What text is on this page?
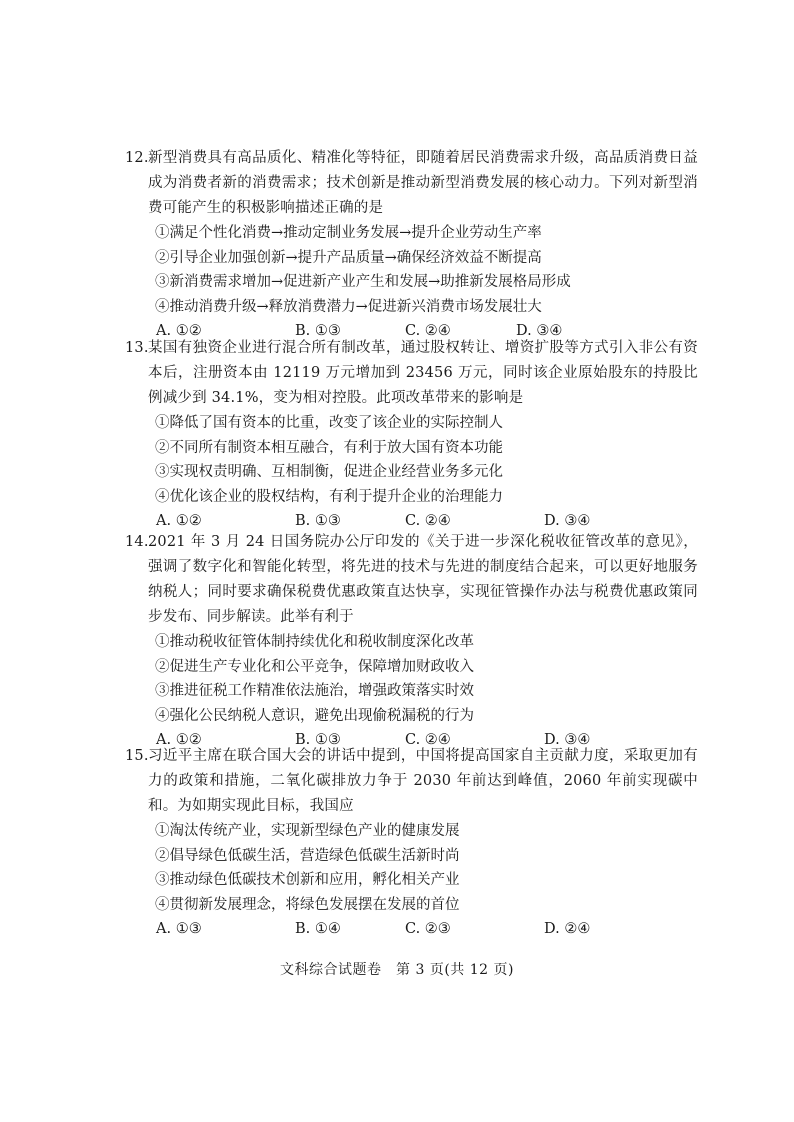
12. 新型消费具有高品质化、精准化等特征，即随着居民消费需求升级，高品质消费日益成为消费者新的消费需求；技术创新是推动新型消费发展的核心动力。下列对新型消费可能产生的积极影响描述正确的是
①满足个性化消费→推动定制业务发展→提升企业劳动生产率
②引导企业加强创新→提升产品质量→确保经济效益不断提高
③新消费需求增加→促进新产业产生和发展→助推新发展格局形成
④推动消费升级→释放消费潜力→促进新兴消费市场发展壮大
A. ①②	B. ①③	C. ②④	D. ③④
13. 某国有独资企业进行混合所有制改革，通过股权转让、增资扩股等方式引入非公有资本后，注册资本由 12119 万元增加到 23456 万元，同时该企业原始股东的持股比例减少到 34.1%，变为相对控股。此项改革带来的影响是
①降低了国有资本的比重，改变了该企业的实际控制人
②不同所有制资本相互融合，有利于放大国有资本功能
③实现权责明确、互相制衡，促进企业经营业务多元化
④优化该企业的股权结构，有利于提升企业的治理能力
A. ①②	B. ①③	C. ②④	D. ③④
14. 2021 年 3 月 24 日国务院办公厅印发的《关于进一步深化税收征管改革的意见》，强调了数字化和智能化转型，将先进的技术与先进的制度结合起来，可以更好地服务纳税人；同时要求确保税费优惠政策直达快享，实现征管操作办法与税费优惠政策同步发布、同步解读。此举有利于
①推动税收征管体制持续优化和税收制度深化改革
②促进生产专业化和公平竞争，保障增加财政收入
③推进征税工作精准依法施治，增强政策落实时效
④强化公民纳税人意识，避免出现偷税漏税的行为
A. ①②	B. ①③	C. ②④	D. ③④
15. 习近平主席在联合国大会的讲话中提到，中国将提高国家自主贡献力度，采取更加有力的政策和措施，二氧化碳排放力争于 2030 年前达到峰值，2060 年前实现碳中和。为如期实现此目标，我国应
①淘汰传统产业，实现新型绿色产业的健康发展
②倡导绿色低碳生活，营造绿色低碳生活新时尚
③推动绿色低碳技术创新和应用，孵化相关产业
④贯彻新发展理念，将绿色发展摆在发展的首位
A. ①③	B. ①④	C. ②③	D. ②④
文科综合试题卷　第 3 页(共 12 页)
